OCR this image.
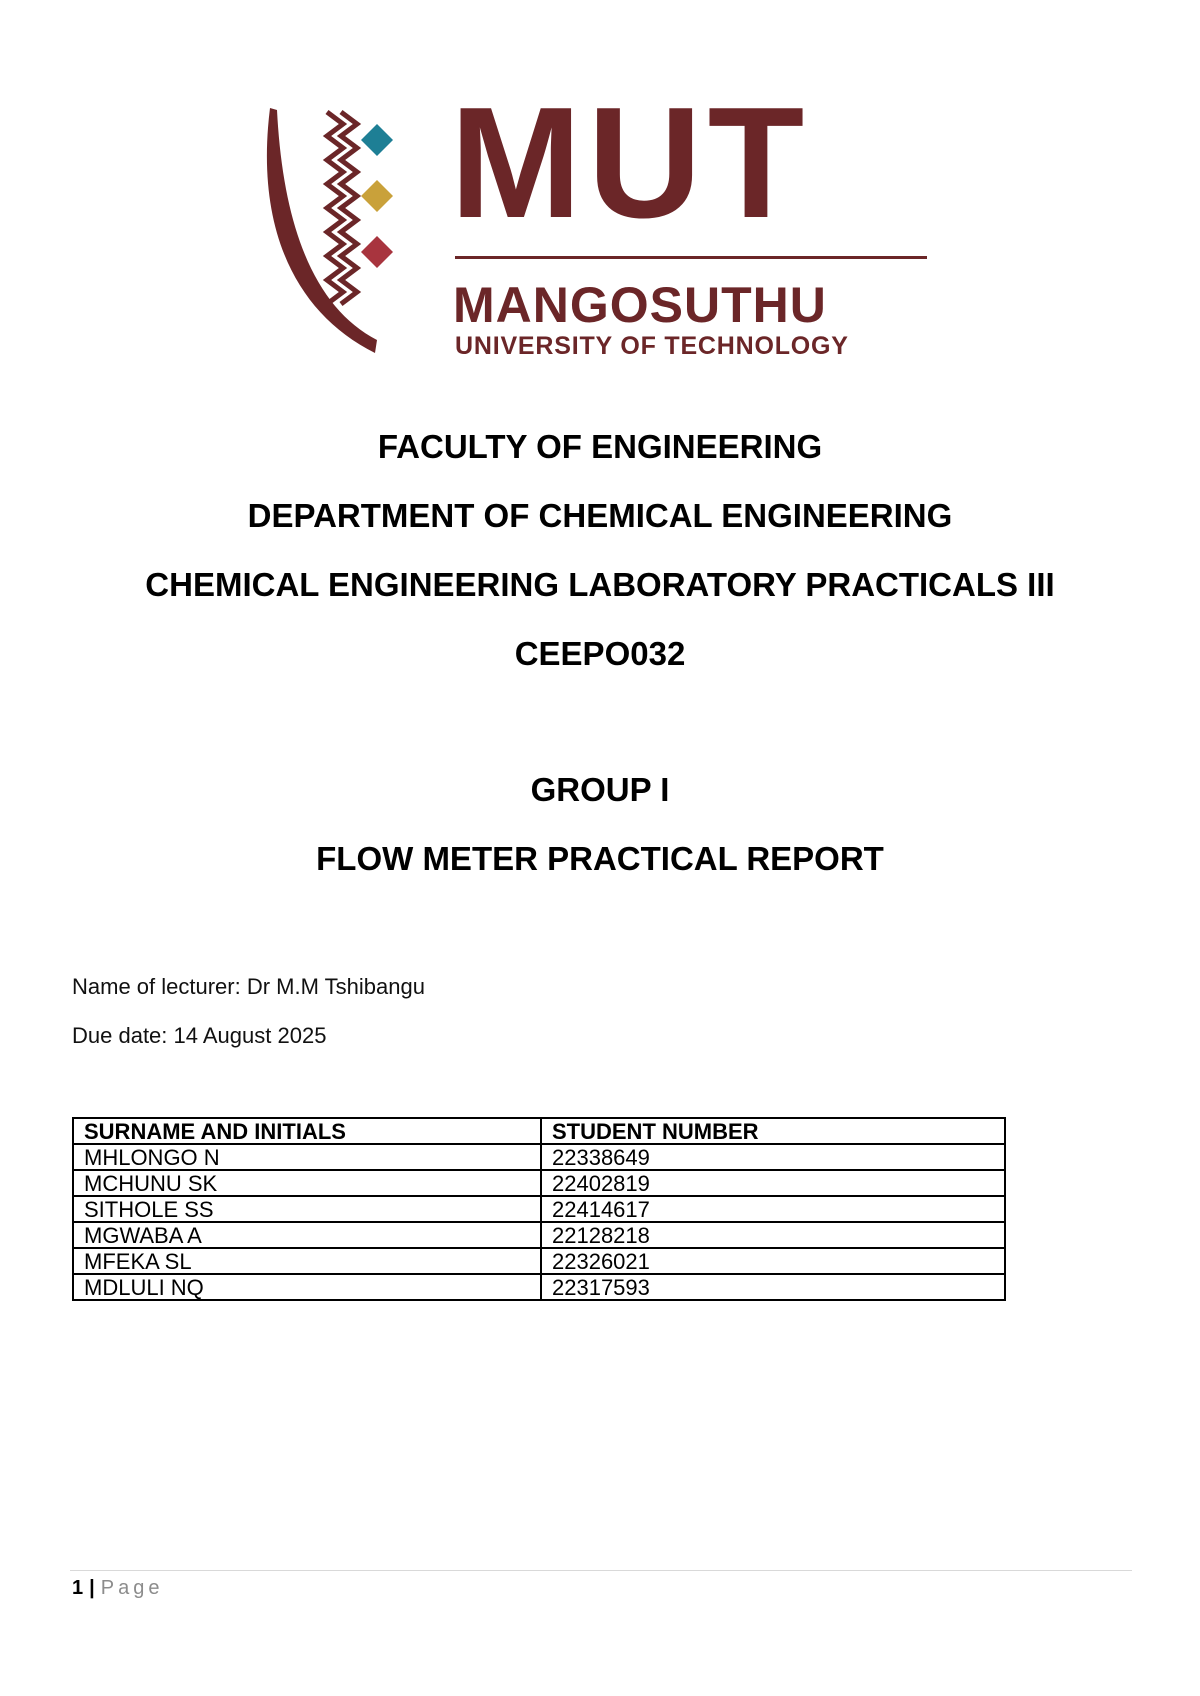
MUT
MANGOSUTHU
UNIVERSITY OF TECHNOLOGY
FACULTY OF ENGINEERING
DEPARTMENT OF CHEMICAL ENGINEERING
CHEMICAL ENGINEERING LABORATORY PRACTICALS III
CEEPO032
GROUP I
FLOW METER PRACTICAL REPORT
Name of lecturer: Dr M.M Tshibangu
Due date: 14 August 2025
SURNAME AND INITIALS	STUDENT NUMBER
MHLONGO N	22338649
MCHUNU SK	22402819
SITHOLE SS	22414617
MGWABA A	22128218
MFEKA SL	22326021
MDLULI NQ	22317593
1 | Page
